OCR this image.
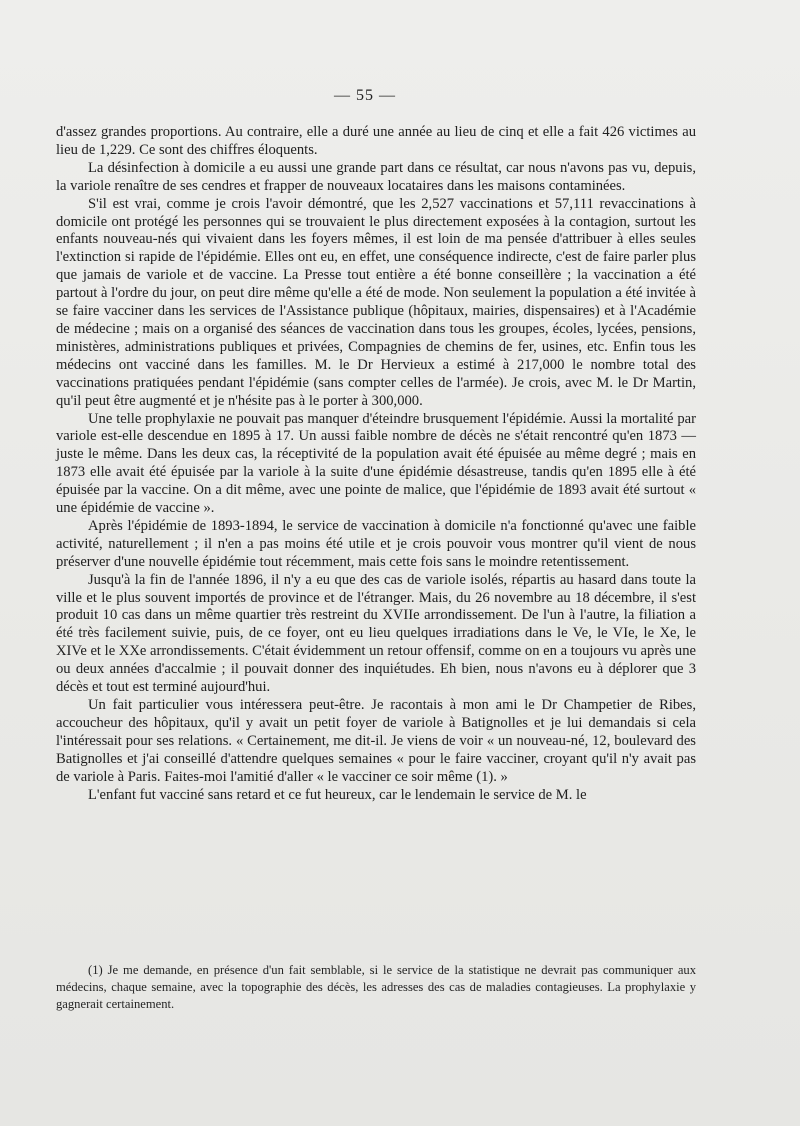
— 55 —

d'assez grandes proportions. Au contraire, elle a duré une année au lieu de cinq et elle a fait 426 victimes au lieu de 1,229. Ce sont des chiffres éloquents.

La désinfection à domicile a eu aussi une grande part dans ce résultat, car nous n'avons pas vu, depuis, la variole renaître de ses cendres et frapper de nouveaux locataires dans les maisons contaminées.

S'il est vrai, comme je crois l'avoir démontré, que les 2,527 vaccinations et 57,111 revaccinations à domicile ont protégé les personnes qui se trouvaient le plus directement exposées à la contagion, surtout les enfants nouveau-nés qui vivaient dans les foyers mêmes, il est loin de ma pensée d'attribuer à elles seules l'extinction si rapide de l'épidémie. Elles ont eu, en effet, une conséquence indirecte, c'est de faire parler plus que jamais de variole et de vaccine. La Presse tout entière a été bonne conseillère ; la vaccination a été partout à l'ordre du jour, on peut dire même qu'elle a été de mode. Non seulement la population a été invitée à se faire vacciner dans les services de l'Assistance publique (hôpitaux, mairies, dispensaires) et à l'Académie de médecine ; mais on a organisé des séances de vaccination dans tous les groupes, écoles, lycées, pensions, ministères, administrations publiques et privées, Compagnies de chemins de fer, usines, etc. Enfin tous les médecins ont vacciné dans les familles. M. le Dr Hervieux a estimé à 217,000 le nombre total des vaccinations pratiquées pendant l'épidémie (sans compter celles de l'armée). Je crois, avec M. le Dr Martin, qu'il peut être augmenté et je n'hésite pas à le porter à 300,000.

Une telle prophylaxie ne pouvait pas manquer d'éteindre brusquement l'épidémie. Aussi la mortalité par variole est-elle descendue en 1895 à 17. Un aussi faible nombre de décès ne s'était rencontré qu'en 1873 — juste le même. Dans les deux cas, la réceptivité de la population avait été épuisée au même degré ; mais en 1873 elle avait été épuisée par la variole à la suite d'une épidémie désastreuse, tandis qu'en 1895 elle à été épuisée par la vaccine. On a dit même, avec une pointe de malice, que l'épidémie de 1893 avait été surtout « une épidémie de vaccine ».

Après l'épidémie de 1893-1894, le service de vaccination à domicile n'a fonctionné qu'avec une faible activité, naturellement ; il n'en a pas moins été utile et je crois pouvoir vous montrer qu'il vient de nous préserver d'une nouvelle épidémie tout récemment, mais cette fois sans le moindre retentissement.

Jusqu'à la fin de l'année 1896, il n'y a eu que des cas de variole isolés, répartis au hasard dans toute la ville et le plus souvent importés de province et de l'étranger. Mais, du 26 novembre au 18 décembre, il s'est produit 10 cas dans un même quartier très restreint du XVIIe arrondissement. De l'un à l'autre, la filiation a été très facilement suivie, puis, de ce foyer, ont eu lieu quelques irradiations dans le Ve, le VIe, le Xe, le XIVe et le XXe arrondissements. C'était évidemment un retour offensif, comme on en a toujours vu après une ou deux années d'accalmie ; il pouvait donner des inquiétudes. Eh bien, nous n'avons eu à déplorer que 3 décès et tout est terminé aujourd'hui.

Un fait particulier vous intéressera peut-être. Je racontais à mon ami le Dr Champetier de Ribes, accoucheur des hôpitaux, qu'il y avait un petit foyer de variole à Batignolles et je lui demandais si cela l'intéressait pour ses relations. « Certainement, me dit-il. Je viens de voir « un nouveau-né, 12, boulevard des Batignolles et j'ai conseillé d'attendre quelques semaines « pour le faire vacciner, croyant qu'il n'y avait pas de variole à Paris. Faites-moi l'amitié d'aller « le vacciner ce soir même (1). »

L'enfant fut vacciné sans retard et ce fut heureux, car le lendemain le service de M. le

(1) Je me demande, en présence d'un fait semblable, si le service de la statistique ne devrait pas communiquer aux médecins, chaque semaine, avec la topographie des décès, les adresses des cas de maladies contagieuses. La prophylaxie y gagnerait certainement.
